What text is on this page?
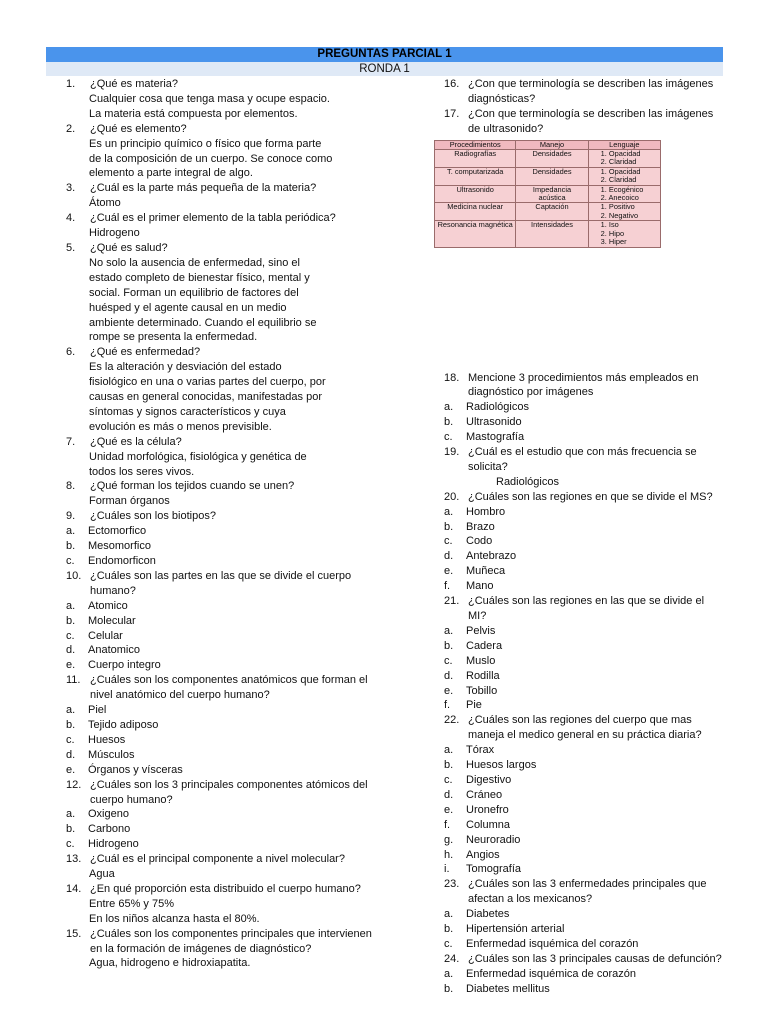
PREGUNTAS PARCIAL 1
RONDA 1
1. ¿Qué es materia?
Cualquier cosa que tenga masa y ocupe espacio.
La materia está compuesta por elementos.
2. ¿Qué es elemento?
Es un principio químico o físico que forma parte
de la composición de un cuerpo. Se conoce como
elemento a parte integral de algo.
3. ¿Cuál es la parte más pequeña de la materia?
Átomo
4. ¿Cuál es el primer elemento de la tabla periódica?
Hidrogeno
5. ¿Qué es salud?
No solo la ausencia de enfermedad, sino el
estado completo de bienestar físico, mental y
social. Forman un equilibrio de factores del
huésped y el agente causal en un medio
ambiente determinado. Cuando el equilibrio se
rompe se presenta la enfermedad.
6. ¿Qué es enfermedad?
Es la alteración y desviación del estado
fisiológico en una o varias partes del cuerpo, por
causas en general conocidas, manifestadas por
síntomas y signos característicos y cuya
evolución es más o menos previsible.
7. ¿Qué es la célula?
Unidad morfológica, fisiológica y genética de
todos los seres vivos.
8. ¿Qué forman los tejidos cuando se unen?
Forman órganos
9. ¿Cuáles son los biotipos?
a. Ectomorfico
b. Mesomorfico
c. Endomorficon
10. ¿Cuáles son las partes en las que se divide el cuerpo humano?
a. Atomico
b. Molecular
c. Celular
d. Anatomico
e. Cuerpo integro
11. ¿Cuáles son los componentes anatómicos que forman el nivel anatómico del cuerpo humano?
a. Piel
b. Tejido adiposo
c. Huesos
d. Músculos
e. Órganos y vísceras
12. ¿Cuáles son los 3 principales componentes atómicos del cuerpo humano?
a. Oxigeno
b. Carbono
c. Hidrogeno
13. ¿Cuál es el principal componente a nivel molecular?
Agua
14. ¿En qué proporción esta distribuido el cuerpo humano?
Entre 65% y 75%
En los niños alcanza hasta el 80%.
15. ¿Cuáles son los componentes principales que intervienen en la formación de imágenes de diagnóstico?
Agua, hidrogeno e hidroxiapatita.
16. ¿Con que terminología se describen las imágenes diagnósticas?
17. ¿Con que terminología se describen las imágenes de ultrasonido?
Procedimientos	Manejo	Lenguaje
Radiografías	Densidades	1. Opacidad
2. Claridad

T. computarizada	Densidades	1. Opacidad
2. Claridad

Ultrasonido	Impedancia acústica	1. Ecogénico
2. Anecoico

Medicina nuclear	Captación	1. Positivo
2. Negativo

Resonancia magnética	Intensidades	1. Iso
2. Hipo
3. Hiper
18. Mencione 3 procedimientos más empleados en diagnóstico por imágenes
a. Radiológicos
b. Ultrasonido
c. Mastografía
19. ¿Cuál es el estudio que con más frecuencia se solicita?
Radiológicos
20. ¿Cuáles son las regiones en que se divide el MS?
a. Hombro
b. Brazo
c. Codo
d. Antebrazo
e. Muñeca
f. Mano
21. ¿Cuáles son las regiones en las que se divide el MI?
a. Pelvis
b. Cadera
c. Muslo
d. Rodilla
e. Tobillo
f. Pie
22. ¿Cuáles son las regiones del cuerpo que mas maneja el medico general en su práctica diaria?
a. Tórax
b. Huesos largos
c. Digestivo
d. Cráneo
e. Uronefro
f. Columna
g. Neuroradio
h. Angios
i. Tomografía
23. ¿Cuáles son las 3 enfermedades principales que afectan a los mexicanos?
a. Diabetes
b. Hipertensión arterial
c. Enfermedad isquémica del corazón
24. ¿Cuáles son las 3 principales causas de defunción?
a. Enfermedad isquémica de corazón
b. Diabetes mellitus
